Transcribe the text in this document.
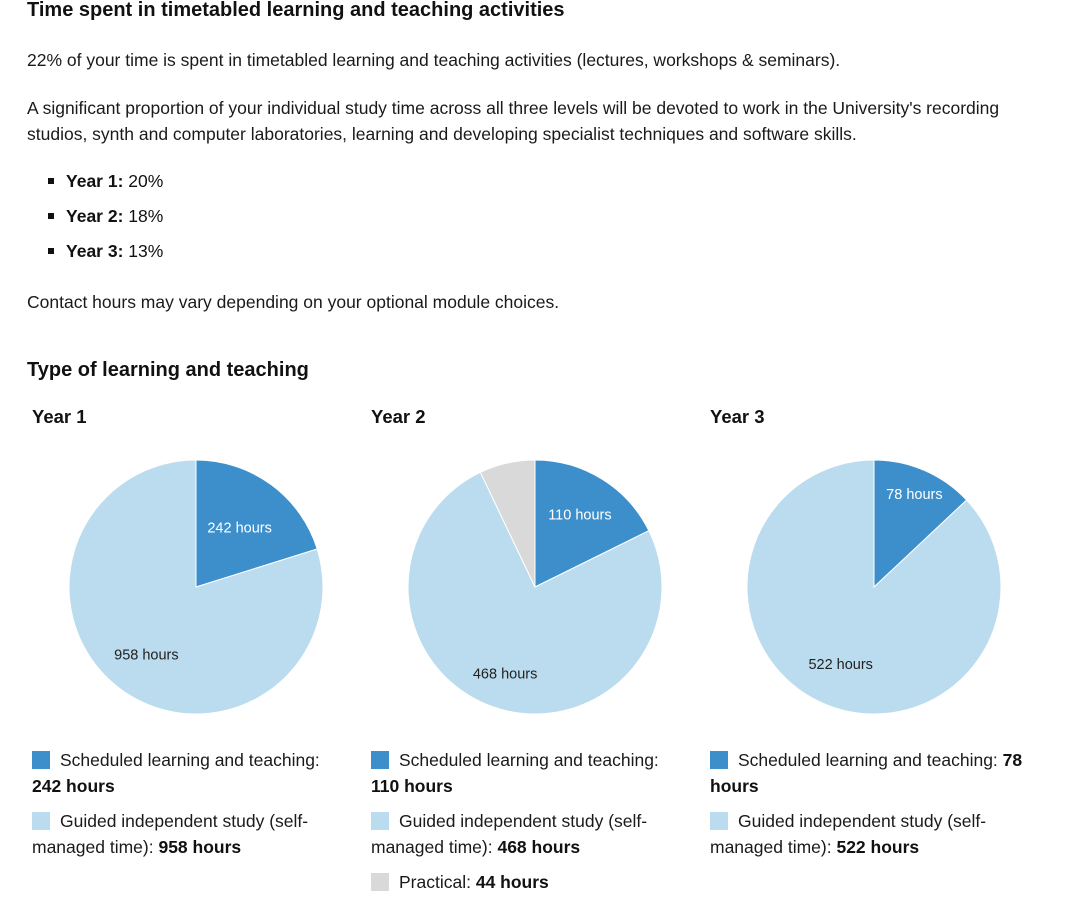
Time spent in timetabled learning and teaching activities

22% of your time is spent in timetabled learning and teaching activities (lectures, workshops & seminars).

A significant proportion of your individual study time across all three levels will be devoted to work in the University's recording studios, synth and computer laboratories, learning and developing specialist techniques and software skills.

Year 1: 20%
Year 2: 18%
Year 3: 13%

Contact hours may vary depending on your optional module choices.

Type of learning and teaching
Year 1
242 hours
958 hours
Scheduled learning and teaching: 242 hours
Guided independent study (self-managed time): 958 hours
Year 2
110 hours
468 hours
Scheduled learning and teaching: 110 hours
Guided independent study (self-managed time): 468 hours
Practical: 44 hours
Year 3
78 hours
522 hours
Scheduled learning and teaching: 78 hours
Guided independent study (self-managed time): 522 hours
